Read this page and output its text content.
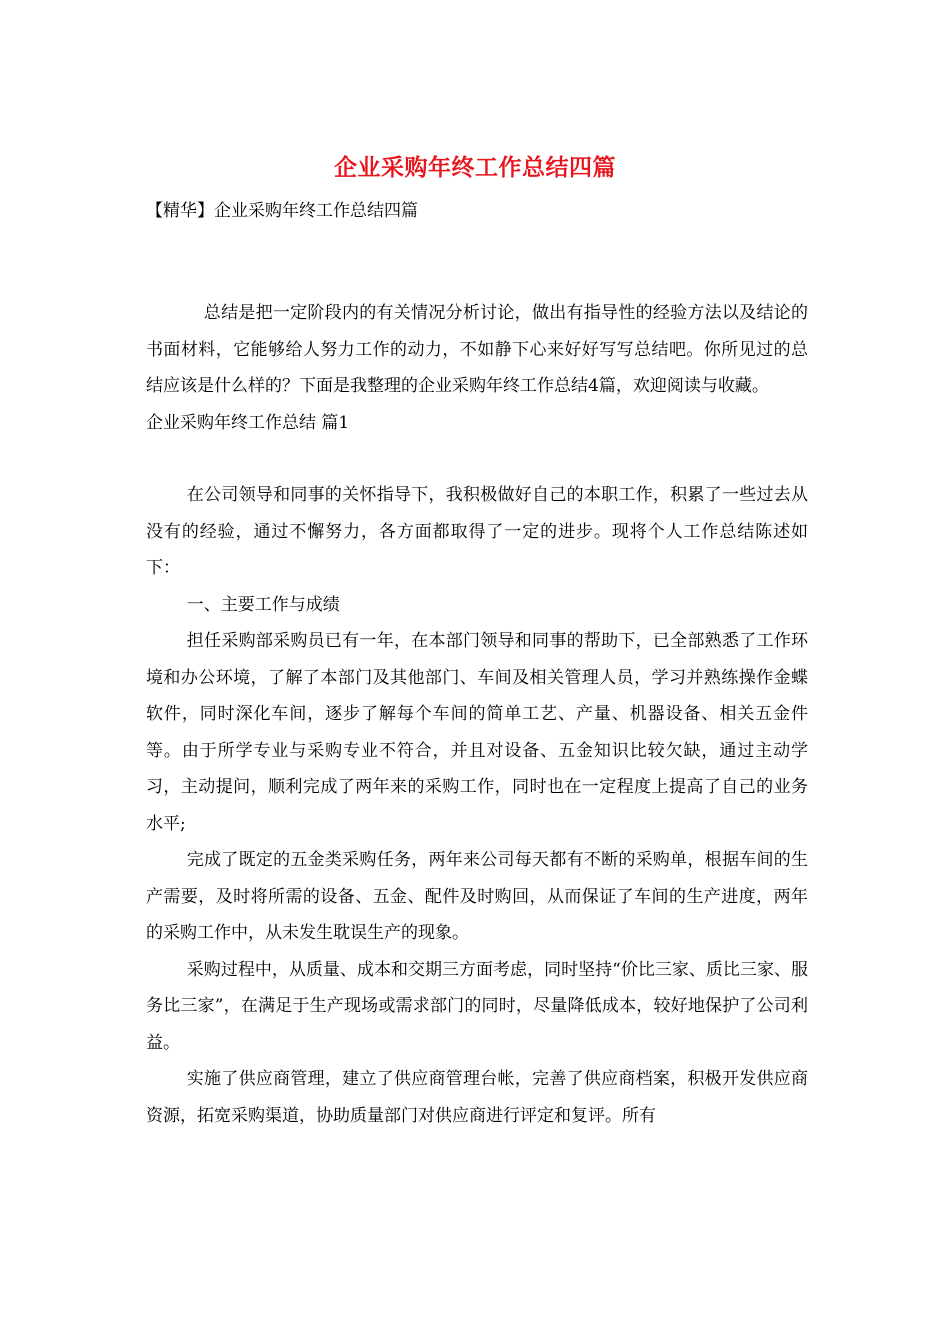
企业采购年终工作总结四篇
【精华】企业采购年终工作总结四篇

总结是把一定阶段内的有关情况分析讨论，做出有指导性的经验方法以及结论的书面材料，它能够给人努力工作的动力，不如静下心来好好写写总结吧。你所见过的总结应该是什么样的？下面是我整理的企业采购年终工作总结4篇，欢迎阅读与收藏。

企业采购年终工作总结 篇1

在公司领导和同事的关怀指导下，我积极做好自己的本职工作，积累了一些过去从没有的经验，通过不懈努力，各方面都取得了一定的进步。现将个人工作总结陈述如下：

一、主要工作与成绩

担任采购部采购员已有一年，在本部门领导和同事的帮助下，已全部熟悉了工作环境和办公环境，了解了本部门及其他部门、车间及相关管理人员，学习并熟练操作金蝶软件，同时深化车间，逐步了解每个车间的简单工艺、产量、机器设备、相关五金件等。由于所学专业与采购专业不符合，并且对设备、五金知识比较欠缺，通过主动学习，主动提问，顺利完成了两年来的采购工作，同时也在一定程度上提高了自己的业务水平;

完成了既定的五金类采购任务，两年来公司每天都有不断的采购单，根据车间的生产需要，及时将所需的设备、五金、配件及时购回，从而保证了车间的生产进度，两年的采购工作中，从未发生耽误生产的现象。

采购过程中，从质量、成本和交期三方面考虑，同时坚持“价比三家、质比三家、服务比三家”，在满足于生产现场或需求部门的同时，尽量降低成本，较好地保护了公司利益。

实施了供应商管理，建立了供应商管理台帐，完善了供应商档案，积极开发供应商资源，拓宽采购渠道，协助质量部门对供应商进行评定和复评。所有
